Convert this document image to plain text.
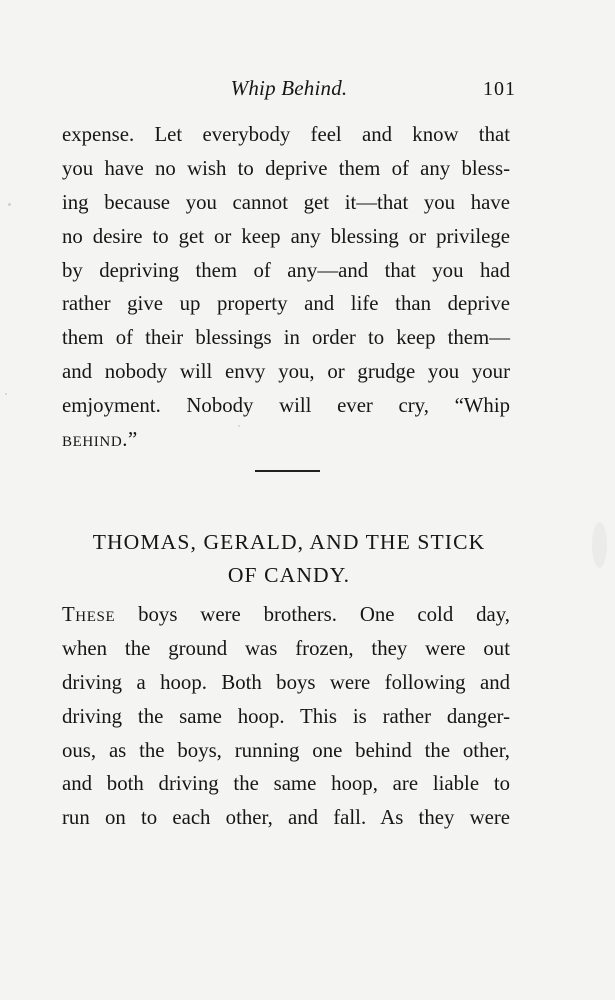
Whip Behind.	101
expense. Let everybody feel and know that
you have no wish to deprive them of any bless-
ing because you cannot get it—that you have
no desire to get or keep any blessing or privilege
by depriving them of any—and that you had
rather give up property and life than deprive
them of their blessings in order to keep them—
and nobody will envy you, or grudge you your
emjoyment. Nobody will ever cry, “Whip
behind.”
THOMAS, GERALD, AND THE STICK
OF CANDY.
These boys were brothers. One cold day,
when the ground was frozen, they were out
driving a hoop. Both boys were following and
driving the same hoop. This is rather danger-
ous, as the boys, running one behind the other,
and both driving the same hoop, are liable to
run on to each other, and fall. As they were
